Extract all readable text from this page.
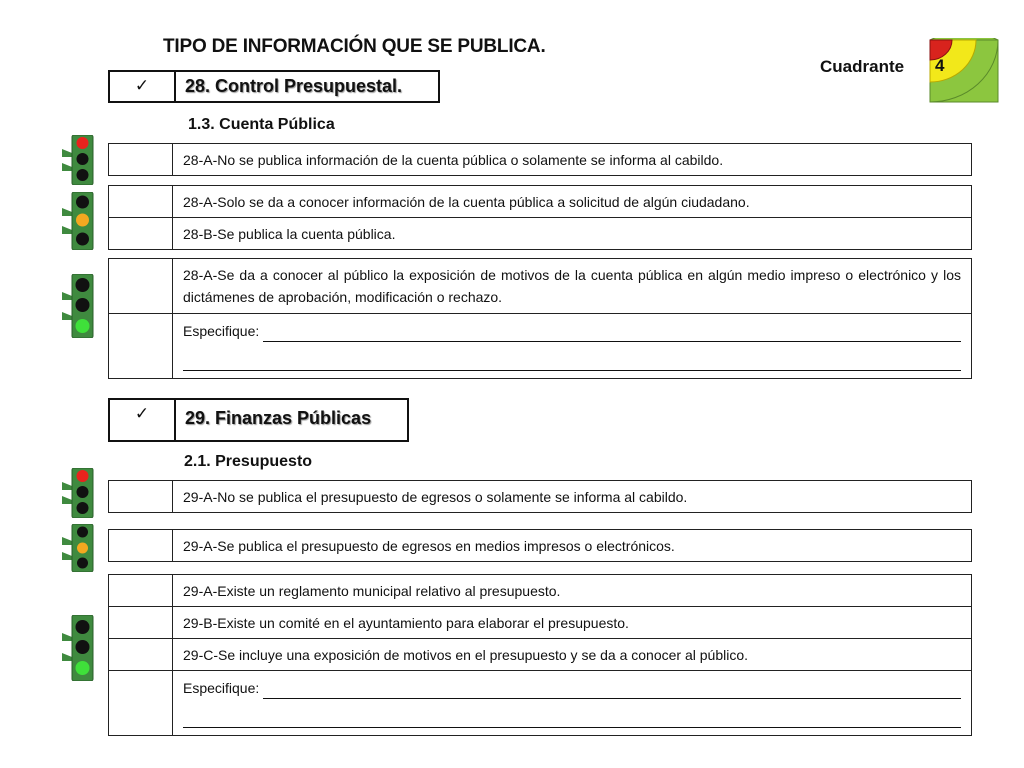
TIPO DE INFORMACIÓN QUE SE PUBLICA.
Cuadrante 4
✓	28. Control Presupuestal.
1.3. Cuenta Pública
28-A-No se publica información de la cuenta pública o solamente se informa al cabildo.
28-A-Solo se da a conocer información de la cuenta pública a solicitud de algún ciudadano.
28-B-Se publica la cuenta pública.
28-A-Se da a conocer al público la exposición de motivos de la cuenta pública en algún medio impreso o electrónico y los dictámenes de aprobación, modificación o rechazo.
Especifique:
✓	29. Finanzas Públicas
2.1. Presupuesto
29-A-No se publica el presupuesto de egresos o solamente se informa al cabildo.
29-A-Se publica el presupuesto de egresos en medios impresos o electrónicos.
29-A-Existe un reglamento municipal relativo al presupuesto.
29-B-Existe un comité en el ayuntamiento para elaborar el presupuesto.
29-C-Se incluye una exposición de motivos en el presupuesto y se da a conocer al público.
Especifique:
